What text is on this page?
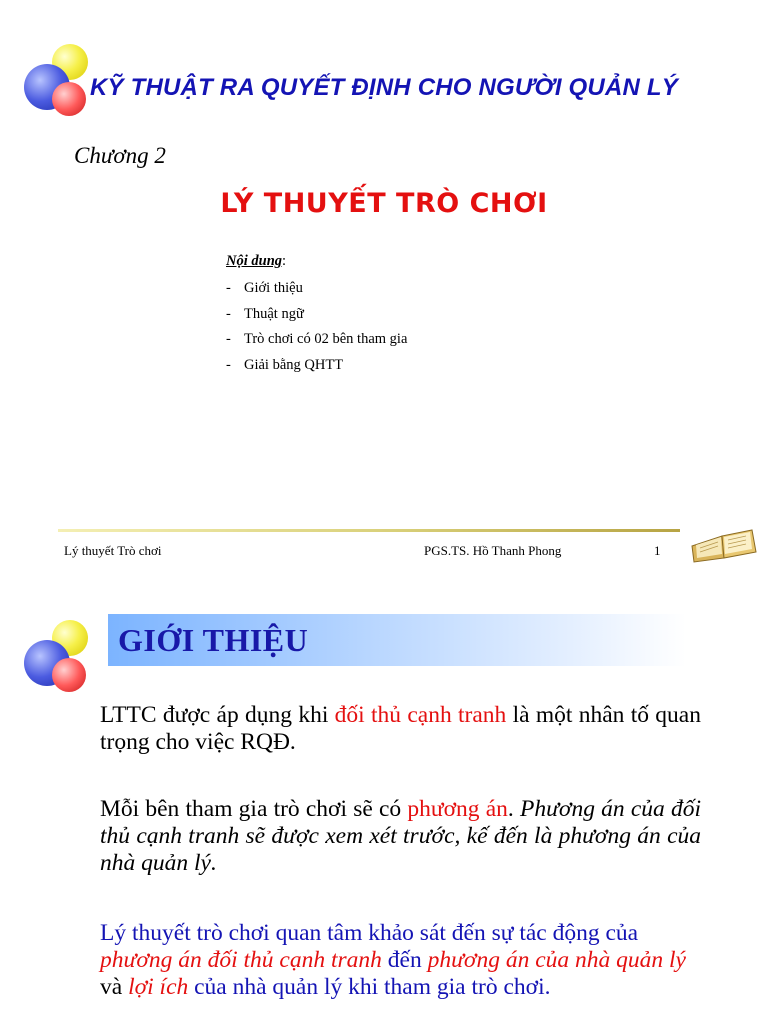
KỸ THUẬT RA QUYẾT ĐỊNH CHO NGƯỜI QUẢN LÝ
Chương 2
LÝ THUYẾT TRÒ CHƠI
Nội dung:
- Giới thiệu
- Thuật ngữ
- Trò chơi có 02 bên tham gia
- Giải bằng QHTT
Lý thuyết Trò chơi	PGS.TS. Hồ Thanh Phong	1
GIỚI THIỆU

LTTC được áp dụng khi đối thủ cạnh tranh là một nhân tố quan trọng cho việc RQĐ.

Mỗi bên tham gia trò chơi sẽ có phương án. Phương án của đối thủ cạnh tranh sẽ được xem xét trước, kế đến là phương án của nhà quản lý.

Lý thuyết trò chơi quan tâm khảo sát đến sự tác động của phương án đối thủ cạnh tranh đến phương án của nhà quản lý và lợi ích của nhà quản lý khi tham gia trò chơi.
